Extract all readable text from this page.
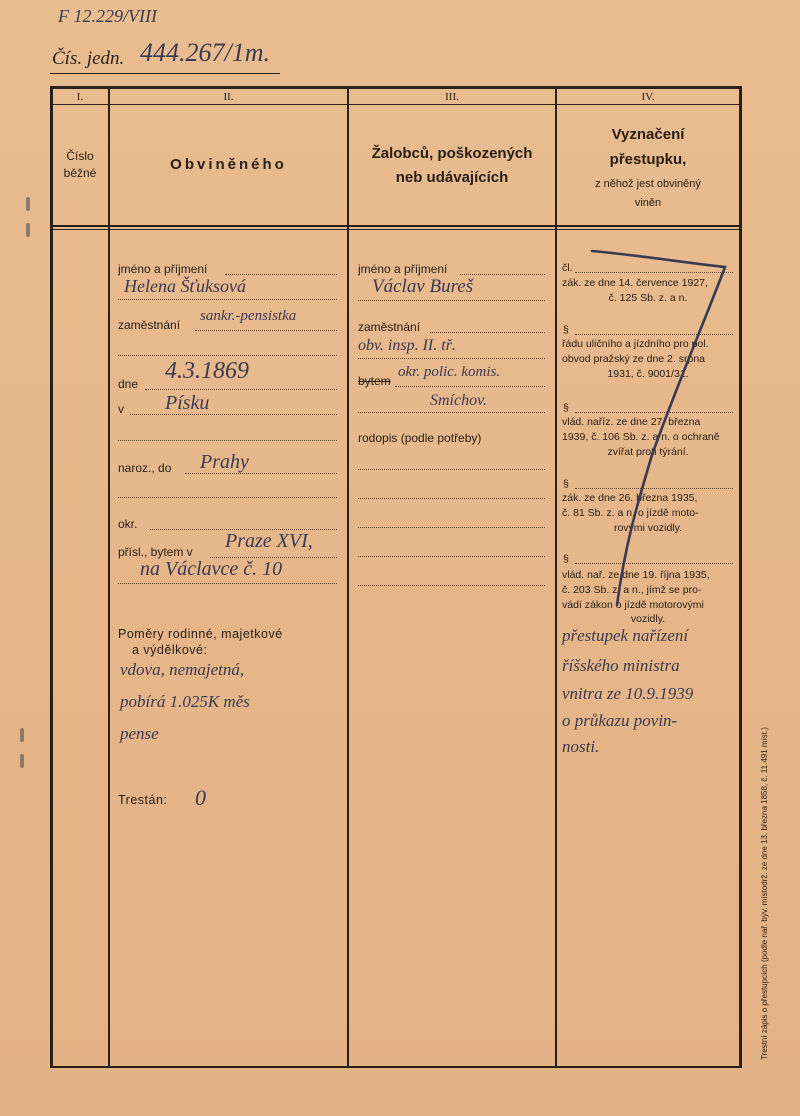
F 12.229/VIII
Čís. jedn. 444.267/1m.
I.	II.	III.	IV.
Číslo
běžné	Obviněného
Žalobců, poškozených
neb udávajících
Vyznačení
přestupku,
z něhož jest obviněný
viněn
jméno a příjmení
Helena Šťuksová
zaměstnání
sankr.-pensistka
dne 4.3.1869
v Písku
naroz., do Prahy
okr.
přísl., bytem v Praze XVI,
na Václavce č. 10
Poměry rodinné, majetkové
a výdělkové:
vdova, nemajetná,
pobírá 1.025K měs
pense
Trestán: 0
jméno a příjmení
Václav Bureš
zaměstnání
obv. insp. II. tř.
bytem
okr. polic. komis.
Smíchov.
rodopis (podle potřeby)
čl.
zák. ze dne 14. července 1927,
č. 125 Sb. z. a n.
§
řádu uličního a jízdního pro pol.
obvod pražský ze dne 2. srpna
1931, č. 9001/31.
§
vlád. naříz. ze dne 27. března
1939, č. 106 Sb. z. a n. o ochraně
zvířat proti týrání.
§
zák. ze dne 26. března 1935,
č. 81 Sb. z. a n. o jízdě moto-
rovými vozidly.
§
vlád. nař. ze dne 19. října 1935,
č. 203 Sb. z. a n., jímž se pro-
vádí zákon o jízdě motorovými
vozidly.
přestupek nařízení
říšského ministra
vnitra ze 10.9.1939
o průkazu povin-
nosti.	Trestní zápis o přestupcích (podle nař. býv. místodrž. ze dne 13. března 1858, č. 11.491 míst.)
